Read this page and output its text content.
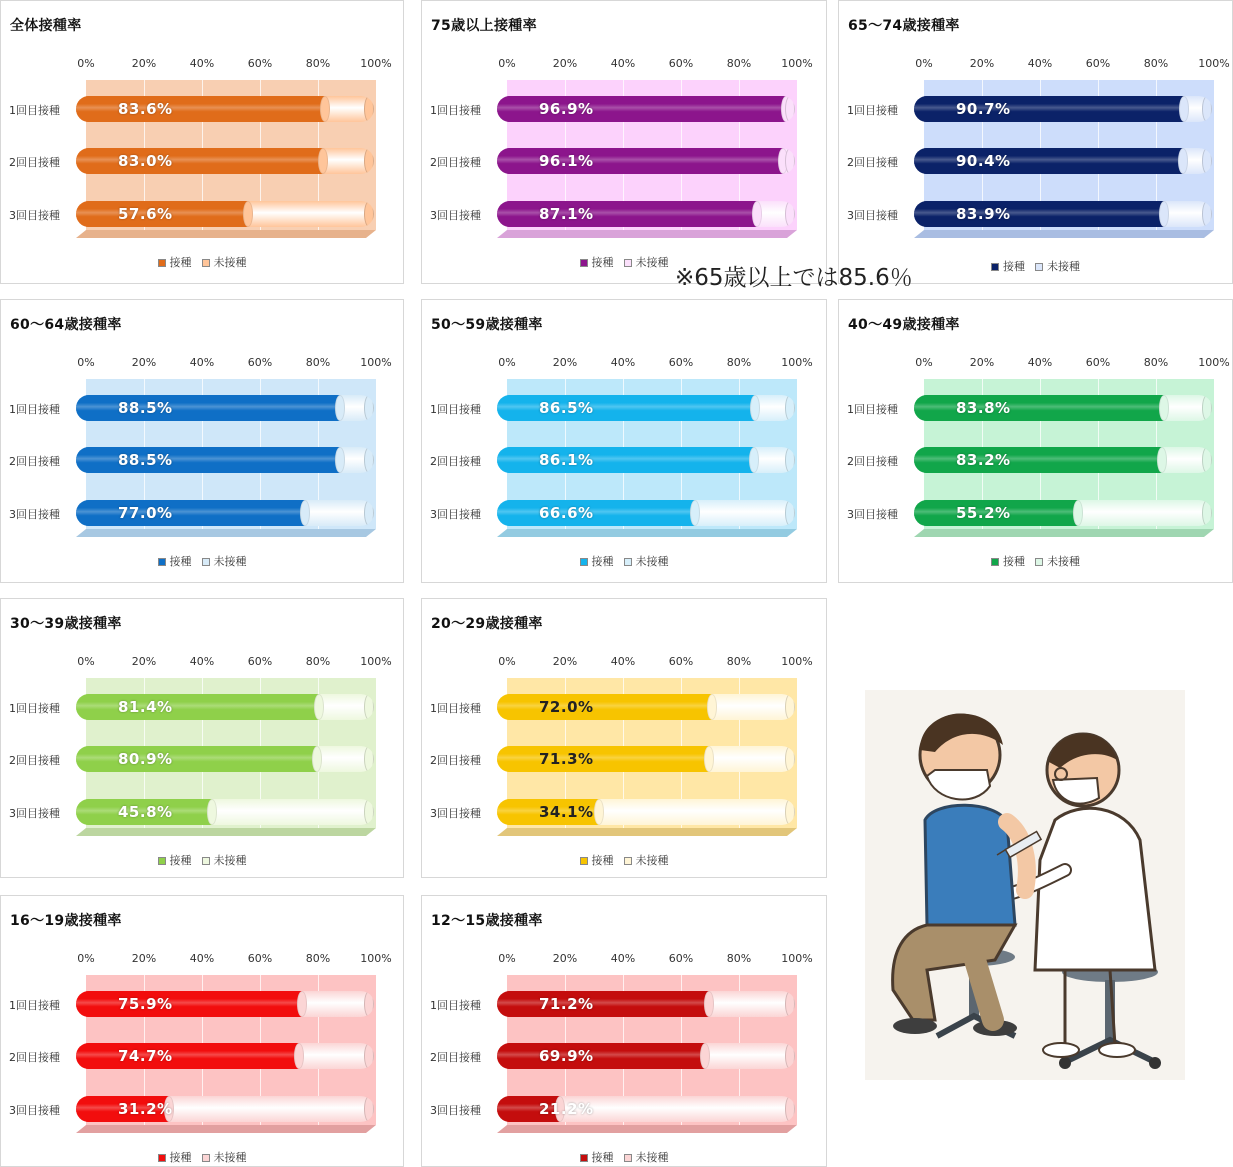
全体接種率
0%	20%	40%	60%	80%	100%
83.6%
83.0%
57.6%
1回目接種
2回目接種
3回目接種
接種 未接種
75歳以上接種率
0%	20%	40%	60%	80%	100%
96.9%
96.1%
87.1%
1回目接種
2回目接種
3回目接種
接種 未接種
65～74歳接種率
0%	20%	40%	60%	80%	100%
90.7%
90.4%
83.9%
1回目接種
2回目接種
3回目接種
接種 未接種
60～64歳接種率
0%	20%	40%	60%	80%	100%
88.5%
88.5%
77.0%
1回目接種
2回目接種
3回目接種
接種 未接種
50～59歳接種率
0%	20%	40%	60%	80%	100%
86.5%
86.1%
66.6%
1回目接種
2回目接種
3回目接種
接種 未接種
40～49歳接種率
0%	20%	40%	60%	80%	100%
83.8%
83.2%
55.2%
1回目接種
2回目接種
3回目接種
接種 未接種
30～39歳接種率
0%	20%	40%	60%	80%	100%
81.4%
80.9%
45.8%
1回目接種
2回目接種
3回目接種
接種 未接種
20～29歳接種率
0%	20%	40%	60%	80%	100%
72.0%
71.3%
34.1%
1回目接種
2回目接種
3回目接種
接種 未接種
16～19歳接種率
0%	20%	40%	60%	80%	100%
75.9%
74.7%
31.2%
1回目接種
2回目接種
3回目接種
接種 未接種
12～15歳接種率
0%	20%	40%	60%	80%	100%
71.2%
69.9%
21.2%
1回目接種
2回目接種
3回目接種
接種 未接種
※65歳以上では85.6％
